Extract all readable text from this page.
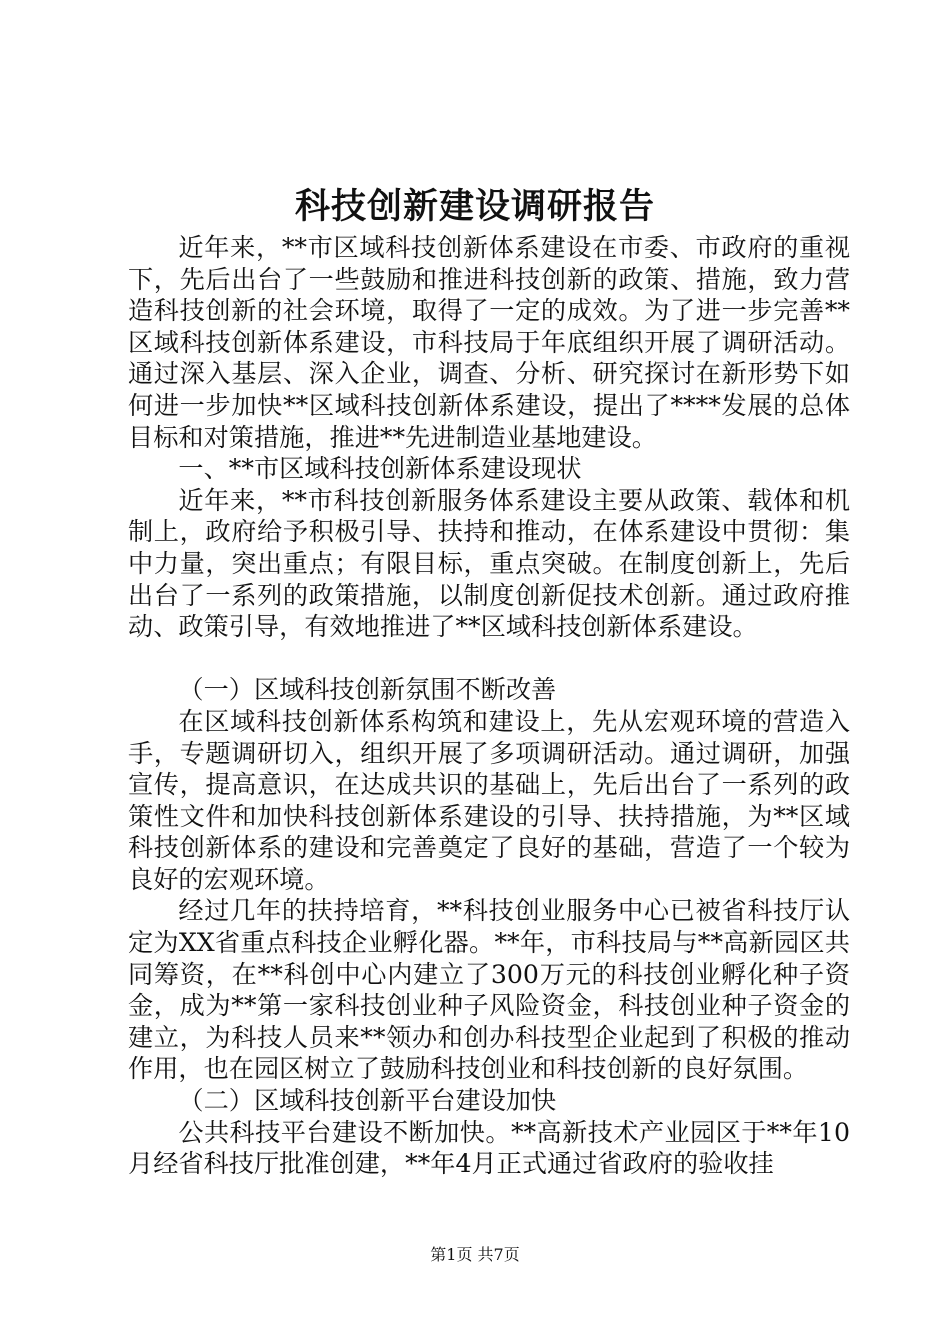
科技创新建设调研报告

近年来，**市区域科技创新体系建设在市委、市政府的重视下，先后出台了一些鼓励和推进科技创新的政策、措施，致力营造科技创新的社会环境，取得了一定的成效。为了进一步完善**区域科技创新体系建设，市科技局于年底组织开展了调研活动。通过深入基层、深入企业，调查、分析、研究探讨在新形势下如何进一步加快**区域科技创新体系建设，提出了****发展的总体目标和对策措施，推进**先进制造业基地建设。

一、**市区域科技创新体系建设现状

近年来，**市科技创新服务体系建设主要从政策、载体和机制上，政府给予积极引导、扶持和推动，在体系建设中贯彻：集中力量，突出重点；有限目标，重点突破。在制度创新上，先后出台了一系列的政策措施，以制度创新促技术创新。通过政府推动、政策引导，有效地推进了**区域科技创新体系建设。

（一）区域科技创新氛围不断改善

在区域科技创新体系构筑和建设上，先从宏观环境的营造入手，专题调研切入，组织开展了多项调研活动。通过调研，加强宣传，提高意识，在达成共识的基础上，先后出台了一系列的政策性文件和加快科技创新体系建设的引导、扶持措施，为**区域科技创新体系的建设和完善奠定了良好的基础，营造了一个较为良好的宏观环境。

经过几年的扶持培育，**科技创业服务中心已被省科技厅认定为XX省重点科技企业孵化器。**年，市科技局与**高新园区共同筹资，在**科创中心内建立了300万元的科技创业孵化种子资金，成为**第一家科技创业种子风险资金，科技创业种子资金的建立，为科技人员来**领办和创办科技型企业起到了积极的推动作用，也在园区树立了鼓励科技创业和科技创新的良好氛围。

（二）区域科技创新平台建设加快

公共科技平台建设不断加快。**高新技术产业园区于**年10月经省科技厅批准创建，**年4月正式通过省政府的验收挂

第1页 共7页
